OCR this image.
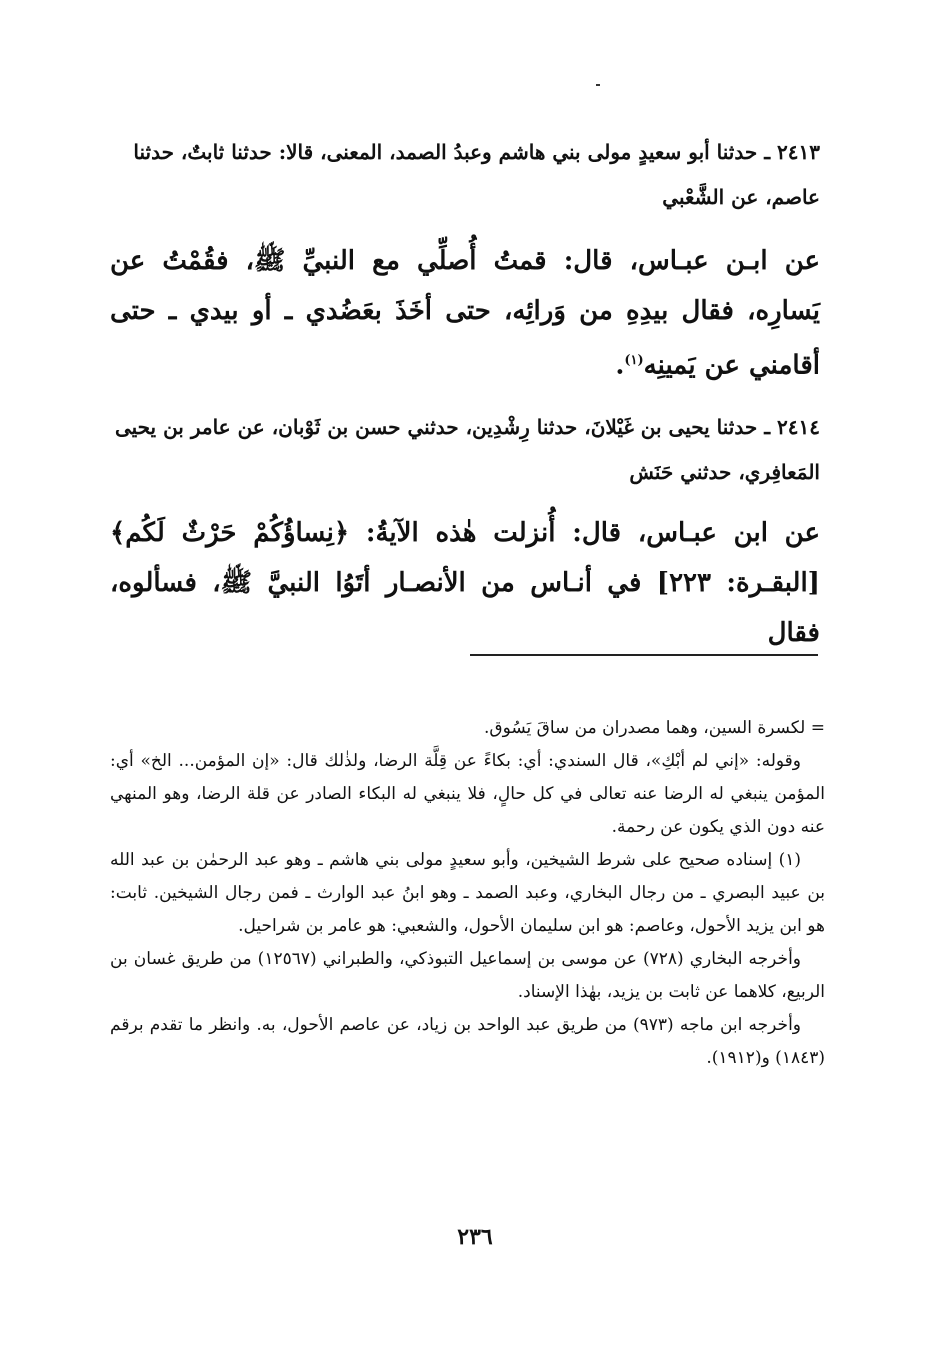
٢٤١٣ ـ حدثنا أبو سعيدٍ مولى بني هاشم وعبدُ الصمد، المعنى، قالا: حدثنا ثابتٌ، حدثنا عاصم، عن الشَّعْبي
عن ابـن عبـاس، قال: قمتُ أُصلِّي مع النبيِّ ﷺ، فقُمْتُ عن يَسارِه، فقال بيدِهِ من وَرائِه، حتى أخَذَ بعَضُدي ـ أو بيدي ـ حتى أقامني عن يَمينِه$^{(١)}$.
٢٤١٤ ـ حدثنا يحيى بن غَيْلانَ، حدثنا رِشْدِين، حدثني حسن بن ثَوْبان، عن عامر بن يحيى المَعافِري، حدثني حَنَش
عن ابن عبـاس، قال: أُنزلت هٰذه الآيةُ: ﴿نِساؤُكُمْ حَرْثٌ لَكُم﴾ [البقـرة: ٢٢٣] في أنـاس من الأنصـار أتَوُا النبيَّ ﷺ، فسألوه، فقال

= لكسرة السين، وهما مصدران من ساقَ يَسُوق.

وقوله: «إني لم أبْكِ»، قال السندي: أي: بكاءً عن قِلَّة الرضا، ولذٰلك قال: «إن المؤمن... الخ» أي: المؤمن ينبغي له الرضا عنه تعالى في كل حالٍ، فلا ينبغي له البكاء الصادر عن قلة الرضا، وهو المنهي عنه دون الذي يكون عن رحمة.

(١) إسناده صحيح على شرط الشيخين، وأبو سعيدٍ مولى بني هاشم ـ وهو عبد الرحمٰن بن عبد الله بن عبيد البصري ـ من رجال البخاري، وعبد الصمد ـ وهو ابنُ عبد الوارث ـ فمن رجال الشيخين. ثابت: هو ابن يزيد الأحول، وعاصم: هو ابن سليمان الأحول، والشعبي: هو عامر بن شراحيل.

وأخرجه البخاري (٧٢٨) عن موسى بن إسماعيل التبوذكي، والطبراني (١٢٥٦٧) من طريق غسان بن الربيع، كلاهما عن ثابت بن يزيد، بهٰذا الإسناد.

وأخرجه ابن ماجه (٩٧٣) من طريق عبد الواحد بن زياد، عن عاصم الأحول، به. وانظر ما تقدم برقم (١٨٤٣) و(١٩١٢).

٢٣٦
